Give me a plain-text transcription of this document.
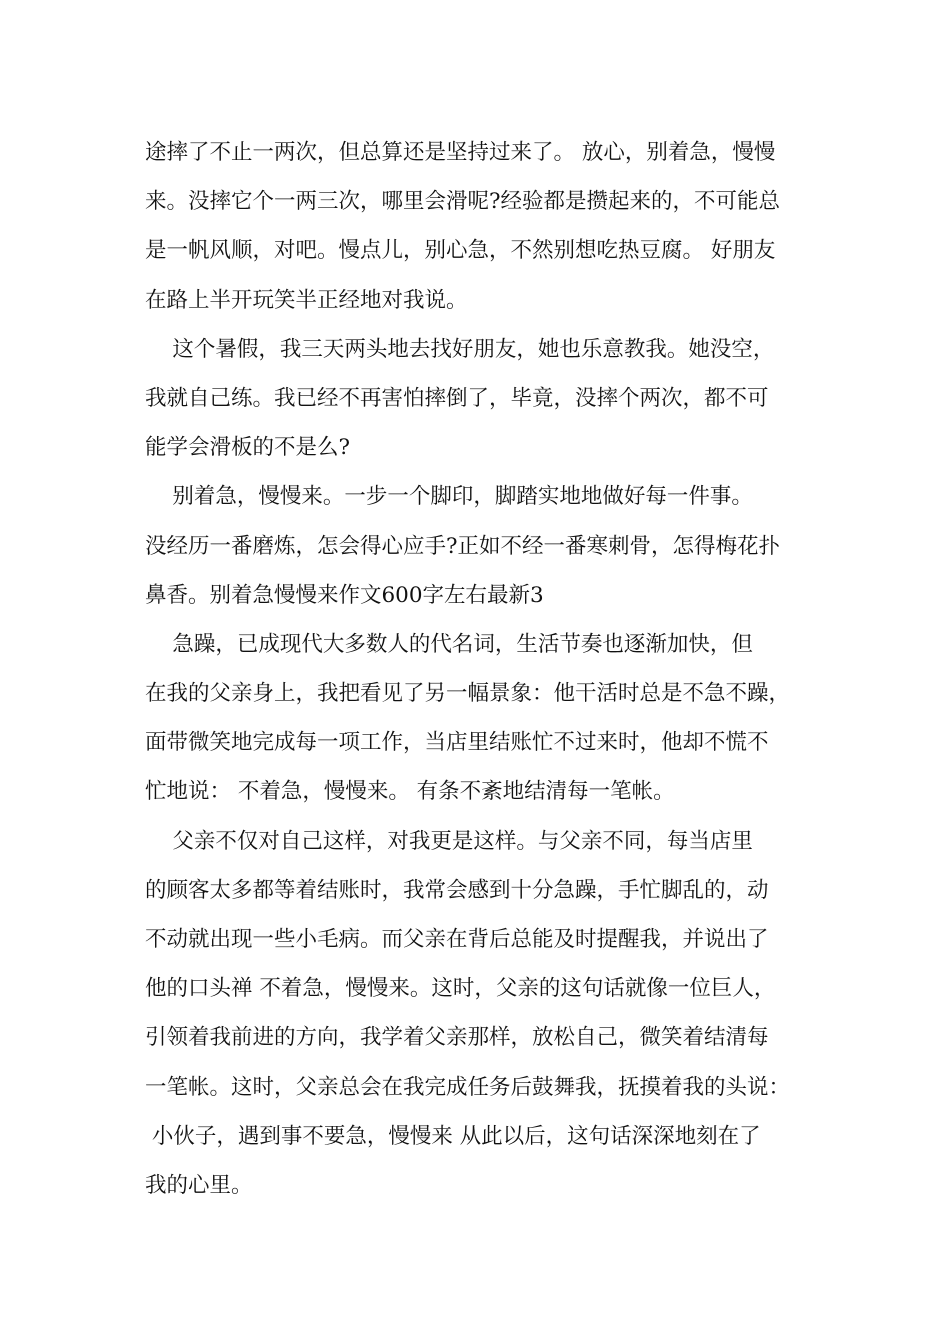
途摔了不止一两次，但总算还是坚持过来了。 放心，别着急，慢慢
来。没摔它个一两三次，哪里会滑呢?经验都是攒起来的，不可能总
是一帆风顺，对吧。慢点儿，别心急，不然别想吃热豆腐。 好朋友
在路上半开玩笑半正经地对我说。
这个暑假，我三天两头地去找好朋友，她也乐意教我。她没空，
我就自己练。我已经不再害怕摔倒了，毕竟，没摔个两次，都不可
能学会滑板的不是么?
别着急，慢慢来。一步一个脚印，脚踏实地地做好每一件事。
没经历一番磨炼，怎会得心应手?正如不经一番寒刺骨，怎得梅花扑
鼻香。别着急慢慢来作文600字左右最新3
急躁，已成现代大多数人的代名词，生活节奏也逐渐加快，但
在我的父亲身上，我把看见了另一幅景象：他干活时总是不急不躁，
面带微笑地完成每一项工作，当店里结账忙不过来时，他却不慌不
忙地说： 不着急，慢慢来。 有条不紊地结清每一笔帐。
父亲不仅对自己这样，对我更是这样。与父亲不同，每当店里
的顾客太多都等着结账时，我常会感到十分急躁，手忙脚乱的，动
不动就出现一些小毛病。而父亲在背后总能及时提醒我，并说出了
他的口头禅 不着急，慢慢来。这时，父亲的这句话就像一位巨人，
引领着我前进的方向，我学着父亲那样，放松自己，微笑着结清每
一笔帐。这时，父亲总会在我完成任务后鼓舞我，抚摸着我的头说：
小伙子，遇到事不要急，慢慢来 从此以后，这句话深深地刻在了
我的心里。
